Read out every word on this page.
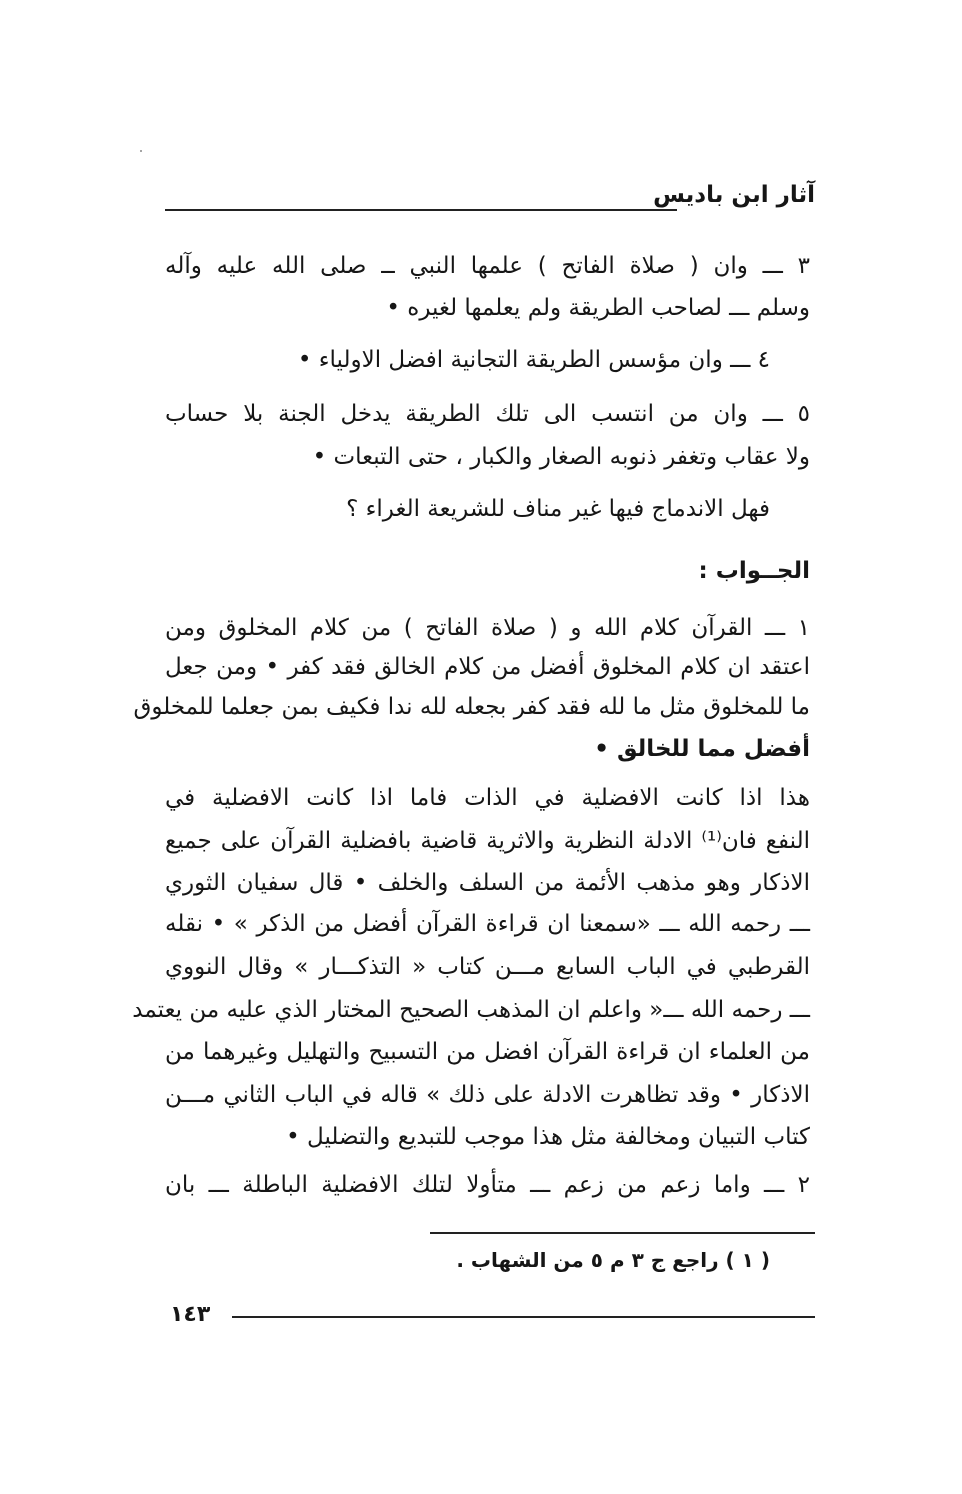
آثار ابن باديس
٣ ـــ وان ( صلاة الفاتح ) علمها النبي ــ صلى الله عليه وآله
وسلم ـــ لصاحب الطريقة ولم يعلمها لغيره •
٤ ـــ وان مؤسس الطريقة التجانية افضل الاولياء •
٥ ـــ وان من انتسب الى تلك الطريقة يدخل الجنة بلا حساب
ولا عقاب وتغفر ذنوبه الصغار والكبار ، حتى التبعات •
فهل الاندماج فيها غير مناف للشريعة الغراء ؟
الجــواب :
١ ـــ القرآن كلام الله و ( صلاة الفاتح ) من كلام المخلوق ومن
اعتقد ان كلام المخلوق أفضل من كلام الخالق فقد كفر • ومن جعل
ما للمخلوق مثل ما لله فقد كفر بجعله لله ندا فكيف بمن جعلما للمخلوق
أفضل مما للخالق •
هذا اذا كانت الافضلية في الذات فاما اذا كانت الافضلية في
النفع فان⁽¹⁾ الادلة النظرية والاثرية قاضية بافضلية القرآن على جميع
الاذكار وهو مذهب الأئمة من السلف والخلف • قال سفيان الثوري
ـــ رحمه الله ـــ «سمعنا ان قراءة القرآن أفضل من الذكر » • نقله
القرطبي في الباب السابع مـــن كتاب « التذكـــار » وقال النووي
ـــ رحمه الله ـــ« واعلم ان المذهب الصحيح المختار الذي عليه من يعتمد
من العلماء ان قراءة القرآن افضل من التسبيح والتهليل وغيرهما من
الاذكار • وقد تظاهرت الادلة على ذلك » قاله في الباب الثاني مـــن
كتاب التبيان ومخالفة مثل هذا موجب للتبديع والتضليل •
٢ ـــ واما زعم من زعم ـــ متأولا لتلك الافضلية الباطلة ـــ بان
( ١ ) راجع ج ٣ م ٥ من الشهاب .
١٤٣
